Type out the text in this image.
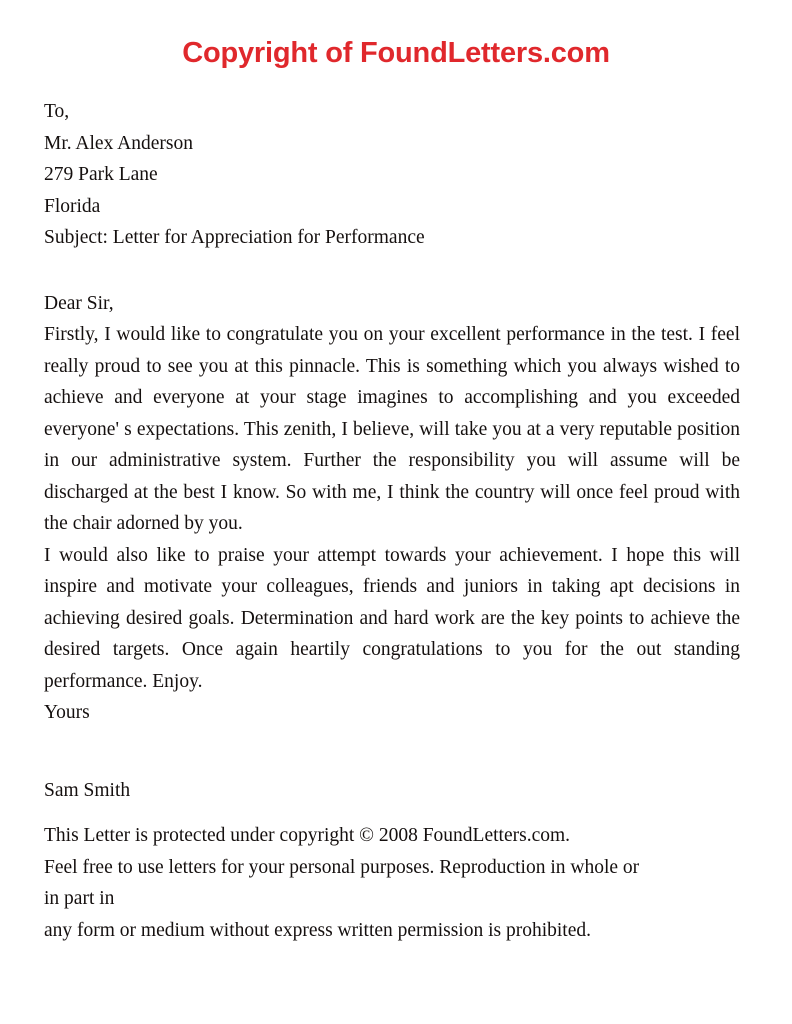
Copyright of FoundLetters.com
To,
Mr. Alex Anderson
279 Park Lane
Florida
Subject: Letter for Appreciation for Performance
Dear Sir,

Firstly, I would like to congratulate you on your excellent performance in the test. I feel really proud to see you at this pinnacle. This is something which you always wished to achieve and everyone at your stage imagines to accomplishing and you exceeded everyone' s expectations. This zenith, I believe, will take you at a very reputable position in our administrative system. Further the responsibility you will assume will be discharged at the best I know. So with me, I think the country will once feel proud with the chair adorned by you.

I would also like to praise your attempt towards your achievement. I hope this will inspire and motivate your colleagues, friends and juniors in taking apt decisions in achieving desired goals. Determination and hard work are the key points to achieve the desired targets. Once again heartily congratulations to you for the out standing performance. Enjoy.

Yours
Sam Smith

This Letter is protected under copyright © 2008 FoundLetters.com.

Feel free to use letters for your personal purposes. Reproduction in whole or

in part in

any form or medium without express written permission is prohibited.
